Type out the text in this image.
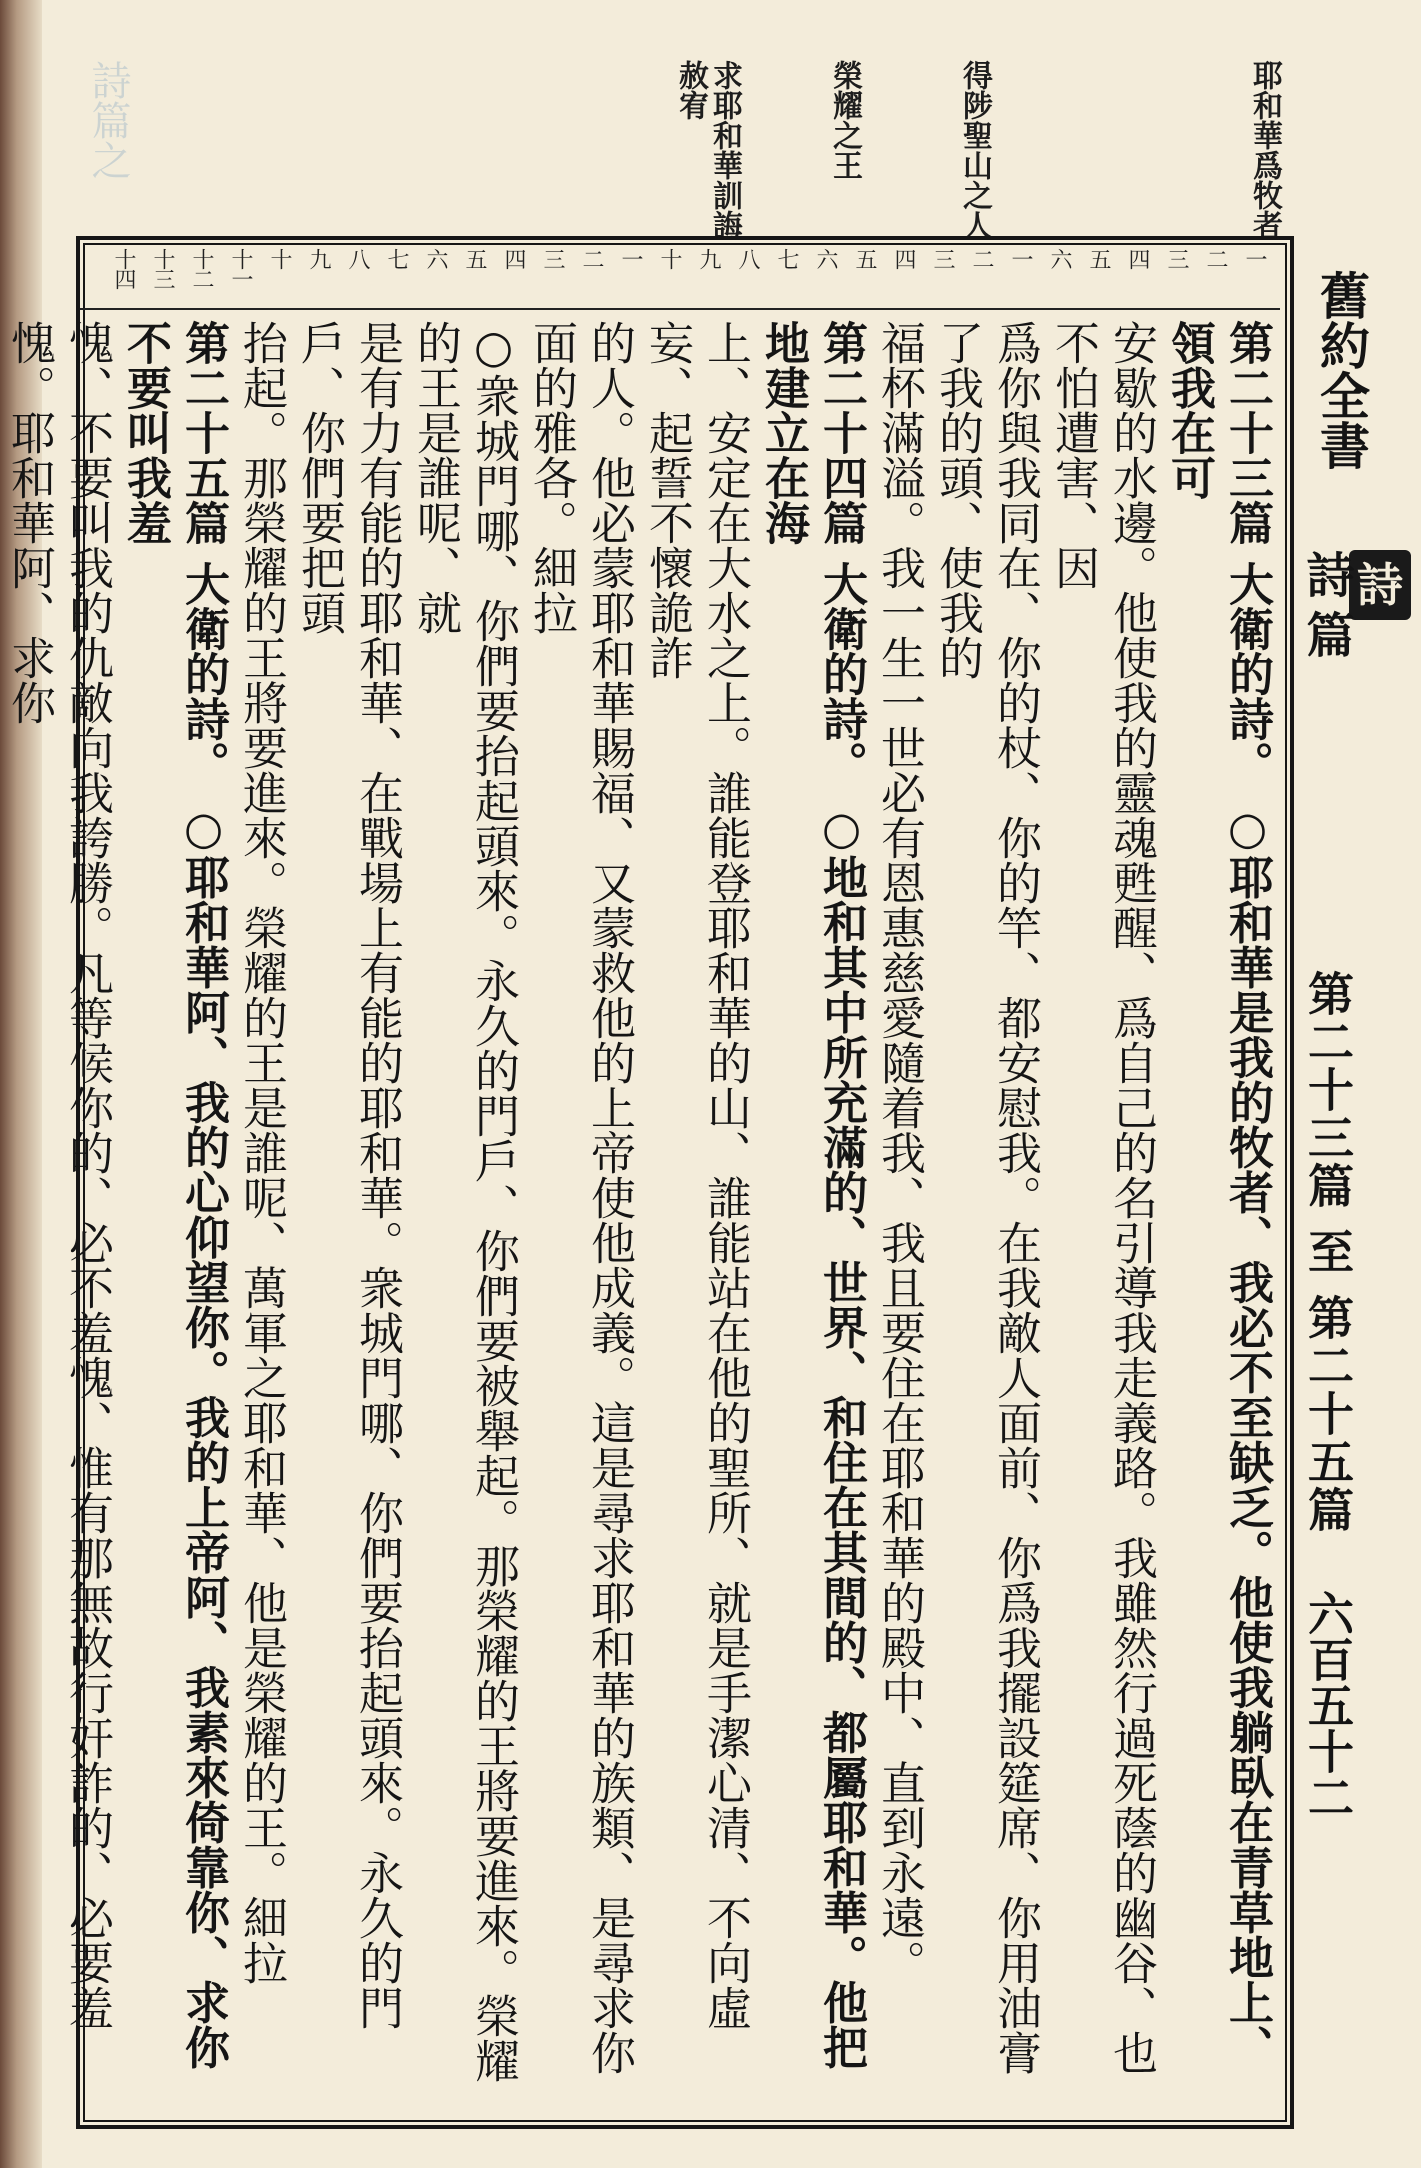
詩篇之	耶和華爲牧者
得陟聖山之人
榮耀之王
求耶和華訓誨赦宥
舊約全書
詩
詩
篇
第二十三篇 至 第二十五篇
六百五十二
一
二
三
四
五
六
一
二
三
四
五
六
七
八
九
十
一
二
三
四
五
六
七
八
九
十
十一
十二
十三
十四
第二十三篇 大衛的詩。 ○耶和華是我的牧者、我必不至缺乏。他使我躺臥在青草地上、領我在可
安歇的水邊。他使我的靈魂甦醒、爲自己的名引導我走義路。我雖然行過死蔭的幽谷、也不怕遭害、因
爲你與我同在、你的杖、你的竿、都安慰我。在我敵人面前、你爲我擺設筵席、你用油膏了我的頭、使我的
福杯滿溢。我一生一世必有恩惠慈愛隨着我、我且要住在耶和華的殿中、直到永遠。
第二十四篇 大衛的詩。 ○地和其中所充滿的、世界、和住在其間的、都屬耶和華。他把地建立在海
上、安定在大水之上。誰能登耶和華的山、誰能站在他的聖所、就是手潔心清、不向虛妄、起誓不懷詭詐
的人。他必蒙耶和華賜福、又蒙救他的上帝使他成義。這是尋求耶和華的族類、是尋求你面的雅各。細拉
○衆城門哪、你們要抬起頭來。永久的門戶、你們要被舉起。那榮耀的王將要進來。榮耀的王是誰呢、就
是有力有能的耶和華、在戰場上有能的耶和華。衆城門哪、你們要抬起頭來。永久的門戶、你們要把頭
抬起。那榮耀的王將要進來。榮耀的王是誰呢、萬軍之耶和華、他是榮耀的王。細拉
第二十五篇 大衛的詩。 ○耶和華阿、我的心仰望你。我的上帝阿、我素來倚靠你、求你不要叫我羞
愧、不要叫我的仇敵向我誇勝。凡等候你的、必不羞愧、惟有那無故行奸詐的、必要羞愧。耶和華阿、求你
